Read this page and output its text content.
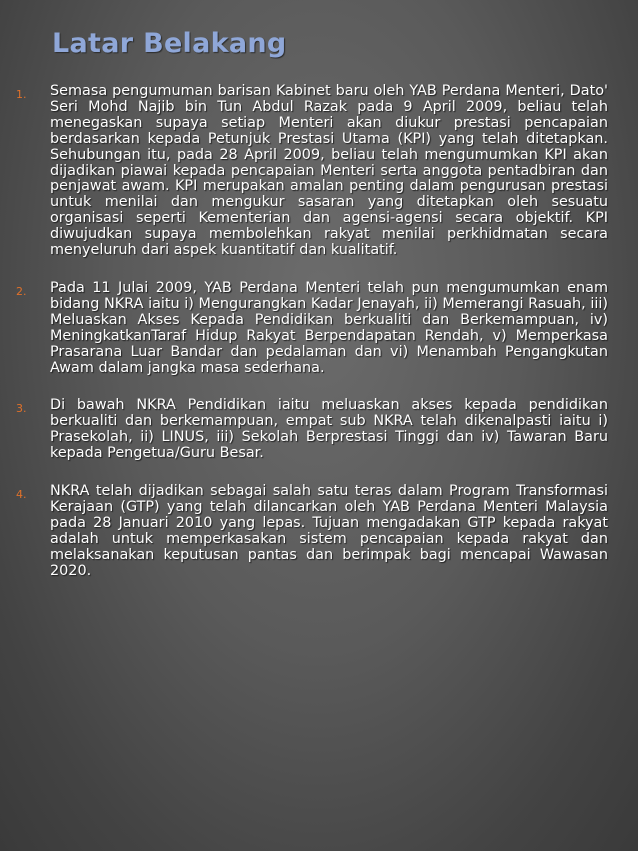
Latar Belakang
1. Semasa pengumuman barisan Kabinet baru oleh YAB Perdana Menteri, Dato' Seri Mohd Najib bin Tun Abdul Razak pada 9 April 2009, beliau telah menegaskan supaya setiap Menteri akan diukur prestasi pencapaian berdasarkan kepada Petunjuk Prestasi Utama (KPI) yang telah ditetapkan. Sehubungan itu, pada 28 April 2009, beliau telah mengumumkan KPI akan dijadikan piawai kepada pencapaian Menteri serta anggota pentadbiran dan penjawat awam. KPI merupakan amalan penting dalam pengurusan prestasi untuk menilai dan mengukur sasaran yang ditetapkan oleh sesuatu organisasi seperti Kementerian dan agensi-agensi secara objektif. KPI diwujudkan supaya membolehkan rakyat menilai perkhidmatan secara menyeluruh dari aspek kuantitatif dan kualitatif.
2. Pada 11 Julai 2009, YAB Perdana Menteri telah pun mengumumkan enam bidang NKRA iaitu i) Mengurangkan Kadar Jenayah, ii) Memerangi Rasuah, iii) Meluaskan Akses Kepada Pendidikan berkualiti dan Berkemampuan, iv) MeningkatkanTaraf Hidup Rakyat Berpendapatan Rendah, v) Memperkasa Prasarana Luar Bandar dan pedalaman dan vi) Menambah Pengangkutan Awam dalam jangka masa sederhana.
3. Di bawah NKRA Pendidikan iaitu meluaskan akses kepada pendidikan berkualiti dan berkemampuan, empat sub NKRA telah dikenalpasti iaitu i) Prasekolah, ii) LINUS, iii) Sekolah Berprestasi Tinggi dan iv) Tawaran Baru kepada Pengetua/Guru Besar.
4. NKRA telah dijadikan sebagai salah satu teras dalam Program Transformasi Kerajaan (GTP) yang telah dilancarkan oleh YAB Perdana Menteri Malaysia pada 28 Januari 2010 yang lepas. Tujuan mengadakan GTP kepada rakyat adalah untuk memperkasakan sistem pencapaian kepada rakyat dan melaksanakan keputusan pantas dan berimpak bagi mencapai Wawasan 2020.
